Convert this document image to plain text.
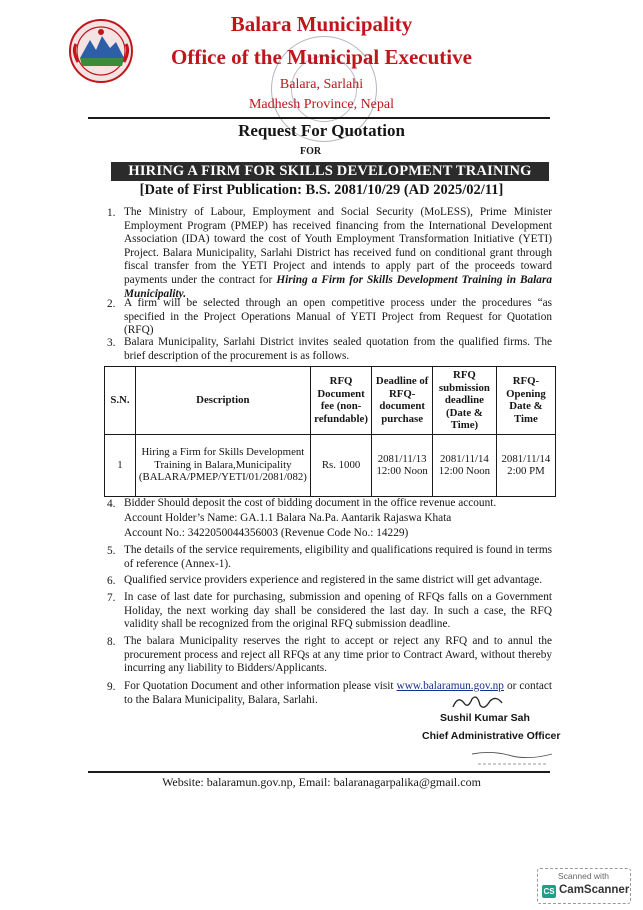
Balara Municipality
Office of the Municipal Executive
Balara, Sarlahi
Madhesh Province, Nepal
Request For Quotation
FOR
HIRING A FIRM FOR SKILLS DEVELOPMENT TRAINING
[Date of First Publication: B.S. 2081/10/29 (AD 2025/02/11]
1. The Ministry of Labour, Employment and Social Security (MoLESS), Prime Minister Employment Program (PMEP) has received financing from the International Development Association (IDA) toward the cost of Youth Employment Transformation Initiative (YETI) Project. Balara Municipality, Sarlahi District has received fund on conditional grant through fiscal transfer from the YETI Project and intends to apply part of the proceeds toward payments under the contract for Hiring a Firm for Skills Development Training in Balara Municipality.
2. A firm will be selected through an open competitive process under the procedures “as specified in the Project Operations Manual of YETI Project from Request for Quotation (RFQ)
3. Balara Municipality, Sarlahi District invites sealed quotation from the qualified firms. The brief description of the procurement is as follows.
S.N.	Description	RFQ Document fee (non-refundable)	Deadline of RFQ-document purchase	RFQ submission deadline (Date & Time)	RFQ-Opening Date & Time
1	Hiring a Firm for Skills Development Training in Balara,Municipality (BALARA/PMEP/YETI/01/2081/082)	Rs. 1000	2081/11/13 12:00 Noon	2081/11/14 12:00 Noon	2081/11/14 2:00 PM
4. Bidder Should deposit the cost of bidding document in the office revenue account.
Account Holder’s Name: GA.1.1 Balara Na.Pa. Aantarik Rajaswa Khata
Account No.: 3422050044356003 (Revenue Code No.: 14229)
5. The details of the service requirements, eligibility and qualifications required is found in terms of reference (Annex-1).
6. Qualified service providers experience and registered in the same district will get advantage.
7. In case of last date for purchasing, submission and opening of RFQs falls on a Government Holiday, the next working day shall be considered the last day. In such a case, the RFQ validity shall be recognized from the original RFQ submission deadline.
8. The balara Municipality reserves the right to accept or reject any RFQ and to annul the procurement process and reject all RFQs at any time prior to Contract Award, without thereby incurring any liability to Bidders/Applicants.
9. For Quotation Document and other information please visit www.balaramun.gov.np or contact to the Balara Municipality, Balara, Sarlahi.
Sushil Kumar Sah
Chief Administrative Officer
Website: balaramun.gov.np, Email: balaranagarpalika@gmail.com
Scanned with
CS CamScanner
